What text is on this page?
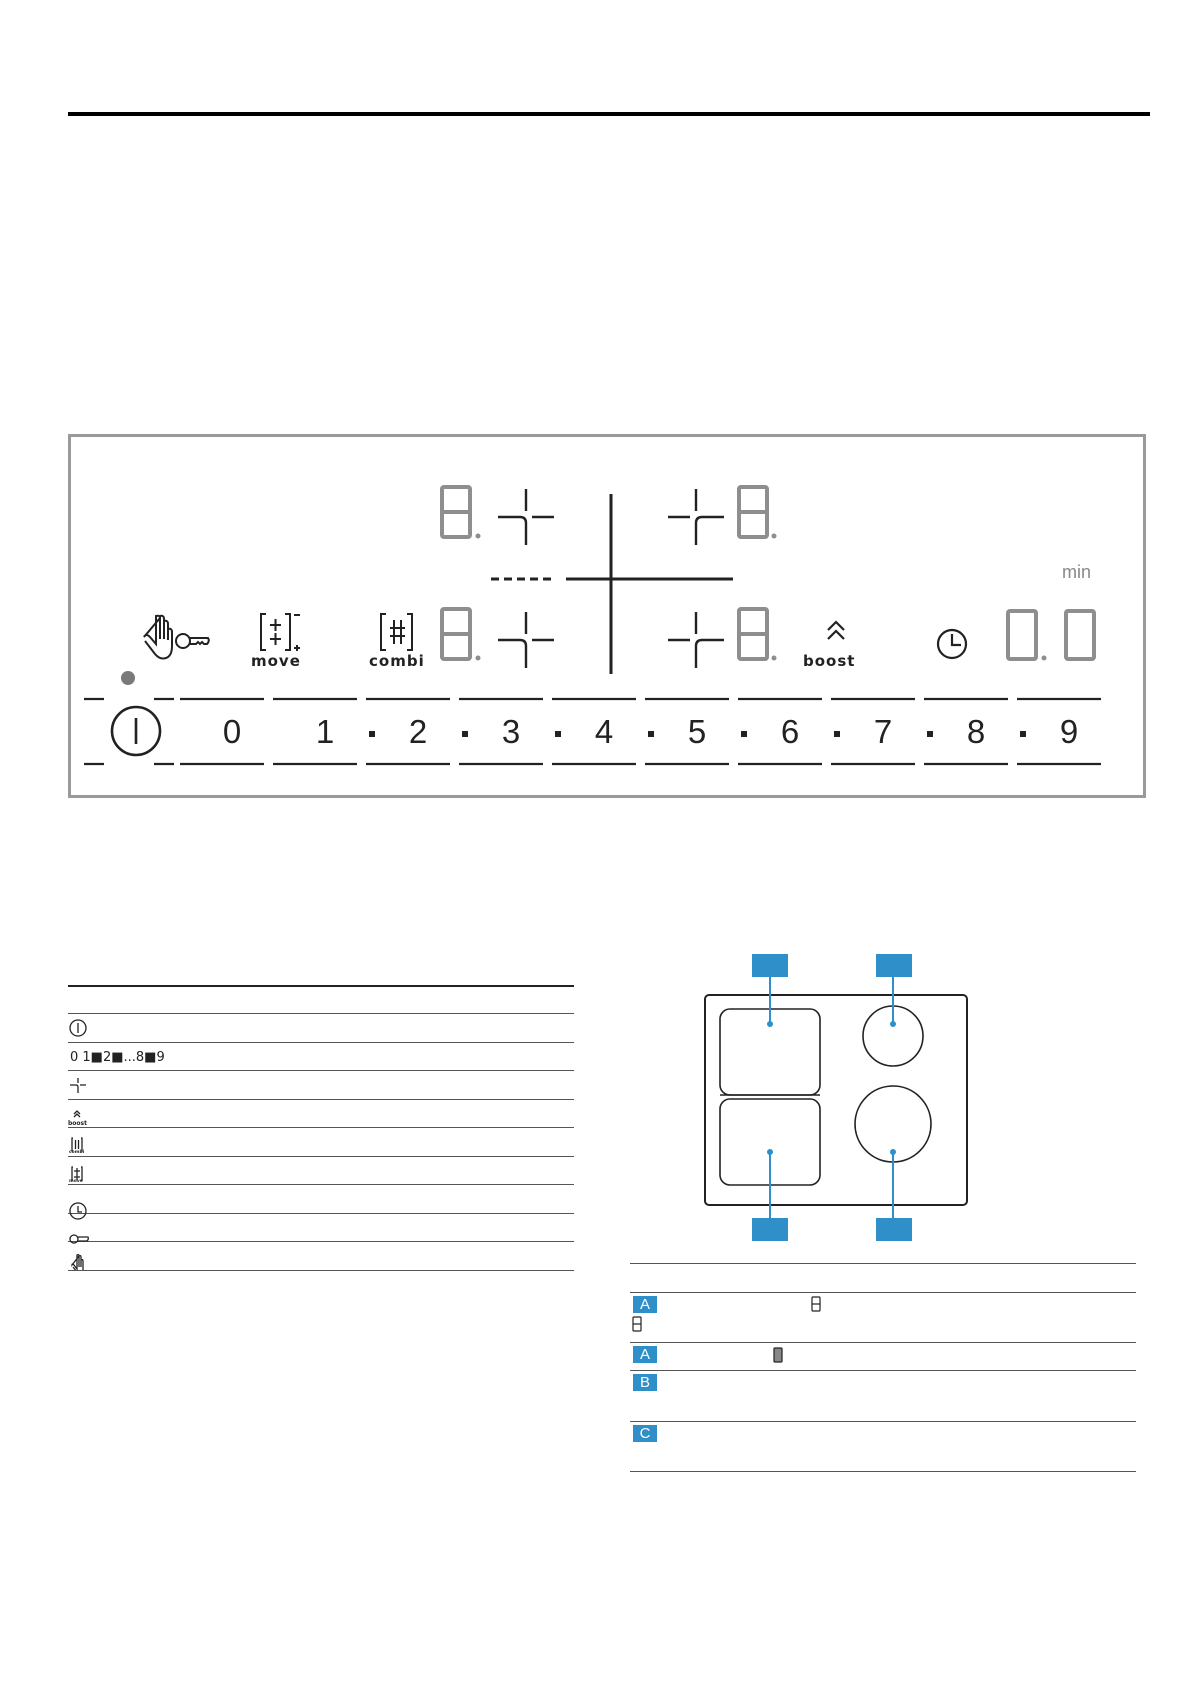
min
move	combi	boost
0	1	2	3	4	5	6	7	8	9
boost
combi
move
0 1■2■...8■9
A
A
B
C
